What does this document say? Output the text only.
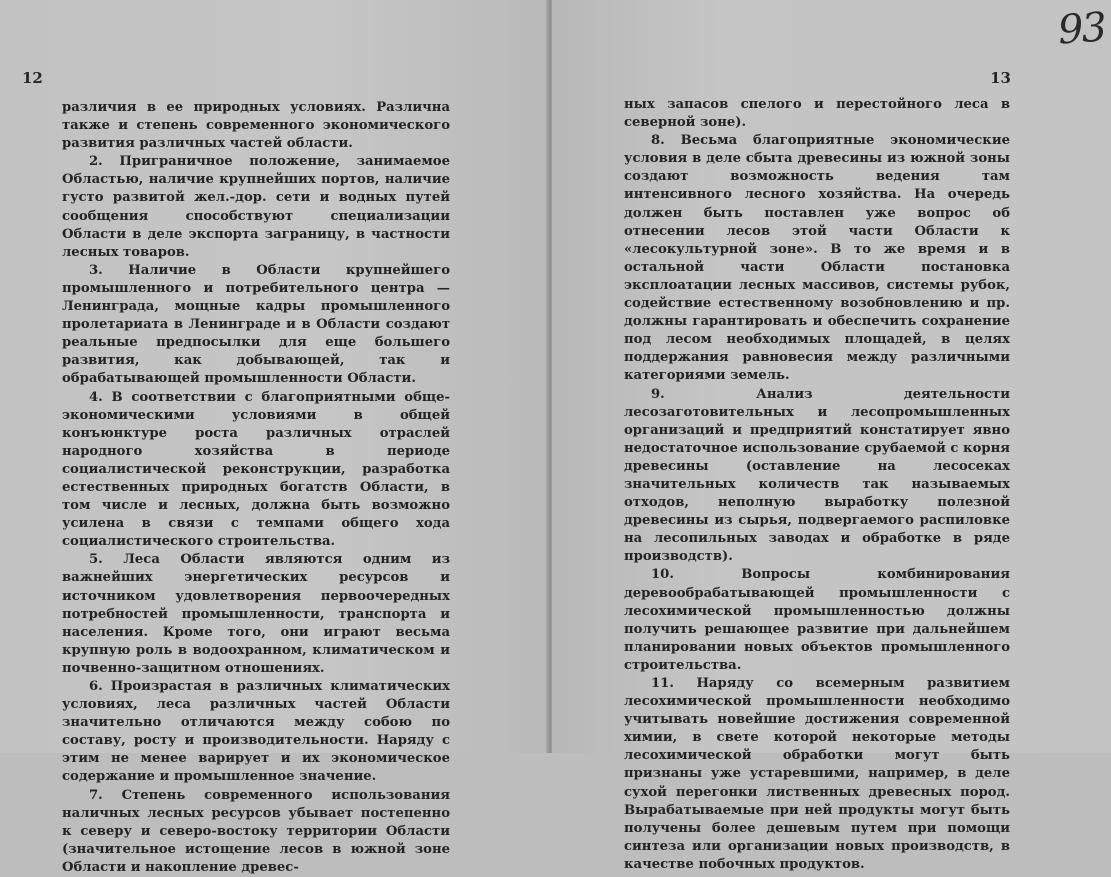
12

различия в ее природных условиях. Различна также и степень современного экономического развития различных частей области.

2. Приграничное положение, занимаемое Областью, наличие крупнейших портов, наличие густо развитой жел.-дор. сети и водных путей сообщения способствуют специализации Области в деле экспорта заграницу, в частности лесных товаров.

3. Наличие в Области крупнейшего промышленного и потребительного центра — Ленинграда, мощные кадры промышленного пролетариата в Ленинграде и в Области создают реальные предпосылки для еще большего развития, как добывающей, так и обрабатывающей промышленности Области.

4. В соответствии с благоприятными обще-экономическими условиями в общей конъюнктуре роста различных отраслей народного хозяйства в периоде социалистической реконструкции, разработка естественных природных богатств Области, в том числе и лесных, должна быть возможно усилена в связи с темпами общего хода социалистического строительства.

5. Леса Области являются одним из важнейших энергетических ресурсов и источником удовлетворения первоочередных потребностей промышленности, транспорта и населения. Кроме того, они играют весьма крупную роль в водоохранном, климатическом и почвенно-защитном отношениях.

6. Произрастая в различных климатических условиях, леса различных частей Области значительно отличаются между собою по составу, росту и производительности. Наряду с этим не менее варирует и их экономическое содержание и промышленное значение.

7. Степень современного использования наличных лесных ресурсов убывает постепенно к северу и северо-востоку территории Области (значительное истощение лесов в южной зоне Области и накопление древес-

13

ных запасов спелого и перестойного леса в северной зоне).

8. Весьма благоприятные экономические условия в деле сбыта древесины из южной зоны создают возможность ведения там интенсивного лесного хозяйства. На очередь должен быть поставлен уже вопрос об отнесении лесов этой части Области к «лесокультурной зоне». В то же время и в остальной части Области постановка эксплоатации лесных массивов, системы рубок, содействие естественному возобновлению и пр. должны гарантировать и обеспечить сохранение под лесом необходимых площадей, в целях поддержания равновесия между различными категориями земель.

9. Анализ деятельности лесозаготовительных и лесопромышленных организаций и предприятий констатирует явно недостаточное использование срубаемой с корня древесины (оставление на лесосеках значительных количеств так называемых отходов, неполную выработку полезной древесины из сырья, подвергаемого распиловке на лесопильных заводах и обработке в ряде производств).

10. Вопросы комбинирования деревообрабатывающей промышленности с лесохимической промышленностью должны получить решающее развитие при дальнейшем планировании новых объектов промышленного строительства.

11. Наряду со всемерным развитием лесохимической промышленности необходимо учитывать новейшие достижения современной химии, в свете которой некоторые методы лесохимической обработки могут быть признаны уже устаревшими, например, в деле сухой перегонки лиственных древесных пород. Вырабатываемые при ней продукты могут быть получены более дешевым путем при помощи синтеза или организации новых производств, в качестве побочных продуктов.

93
